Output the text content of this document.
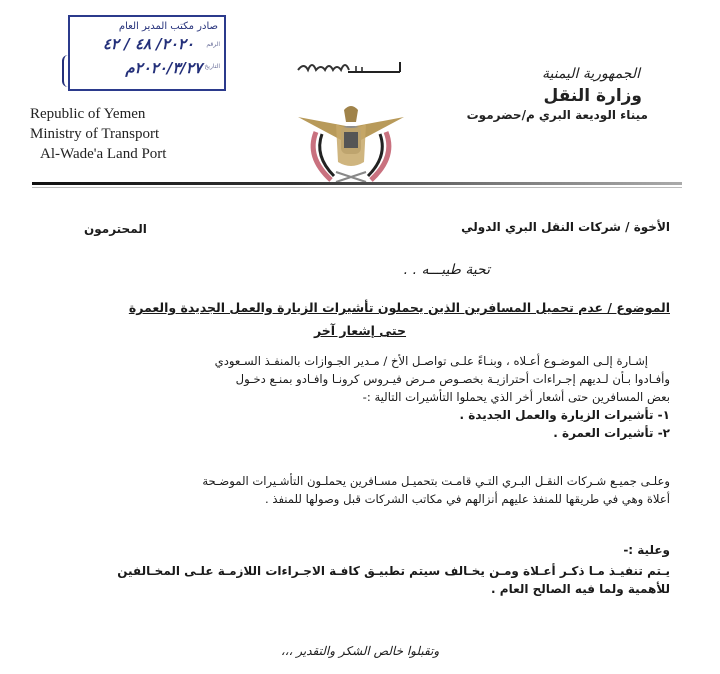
صادر مكتب المدير العام
الرقم
٢٠٢٠/ ٤٨ / ٤٢
التاريخ
٢٠٢٠/٣/٢٧م
Republic of Yemen
Ministry of Transport
Al-Wade'a Land Port
الجمهورية اليمنية
وزارة النقل
ميناء الوديعة البري م/حضرموت
الأخوة / شركات النقل البري الدولي
المحترمون
تحية طيبـــه . .
الموضوع / عدم تحميل المسافرين الذين يحملون تأشيرات الزيارة والعمل الجديدة والعمرة
حتى إشعار آخر
إشـارة إلـى الموضـوع أعـلاه ، وبنـاءً علـى تواصـل الأخ / مـدير الجـوازات بالمنفـذ السـعودي
وأفـادوا بـأن لـديهم إجـراءات أحترازيـة بخصـوص مـرض فيـروس كرونـا وافـادو بمنـع دخـول
بعض المسافرين حتى أشعار أخر الذي يحملوا التأشيرات التالية :-
١- تأشيرات الزيارة والعمل الجديدة .
٢- تأشيرات العمرة .
وعلـى جميـع شـركات النقـل البـري التـي قامـت بتحميـل مسـافرين يحملـون التأشـيرات الموضـحة
أعلاة وهي في طريقها للمنفذ عليهم أنزالهم في مكاتب الشركات قبل وصولها للمنفذ .
وعلية :-
يـتم تنفيـذ مـا ذكـر أعـلاة ومـن يخـالف سيتم تطبيـق كافـة الاجـراءات اللازمـة علـى المخـالفين
للأهمية ولما فيه الصالح العام .
وتقبلوا خالص الشكر والتقدير ،،،
